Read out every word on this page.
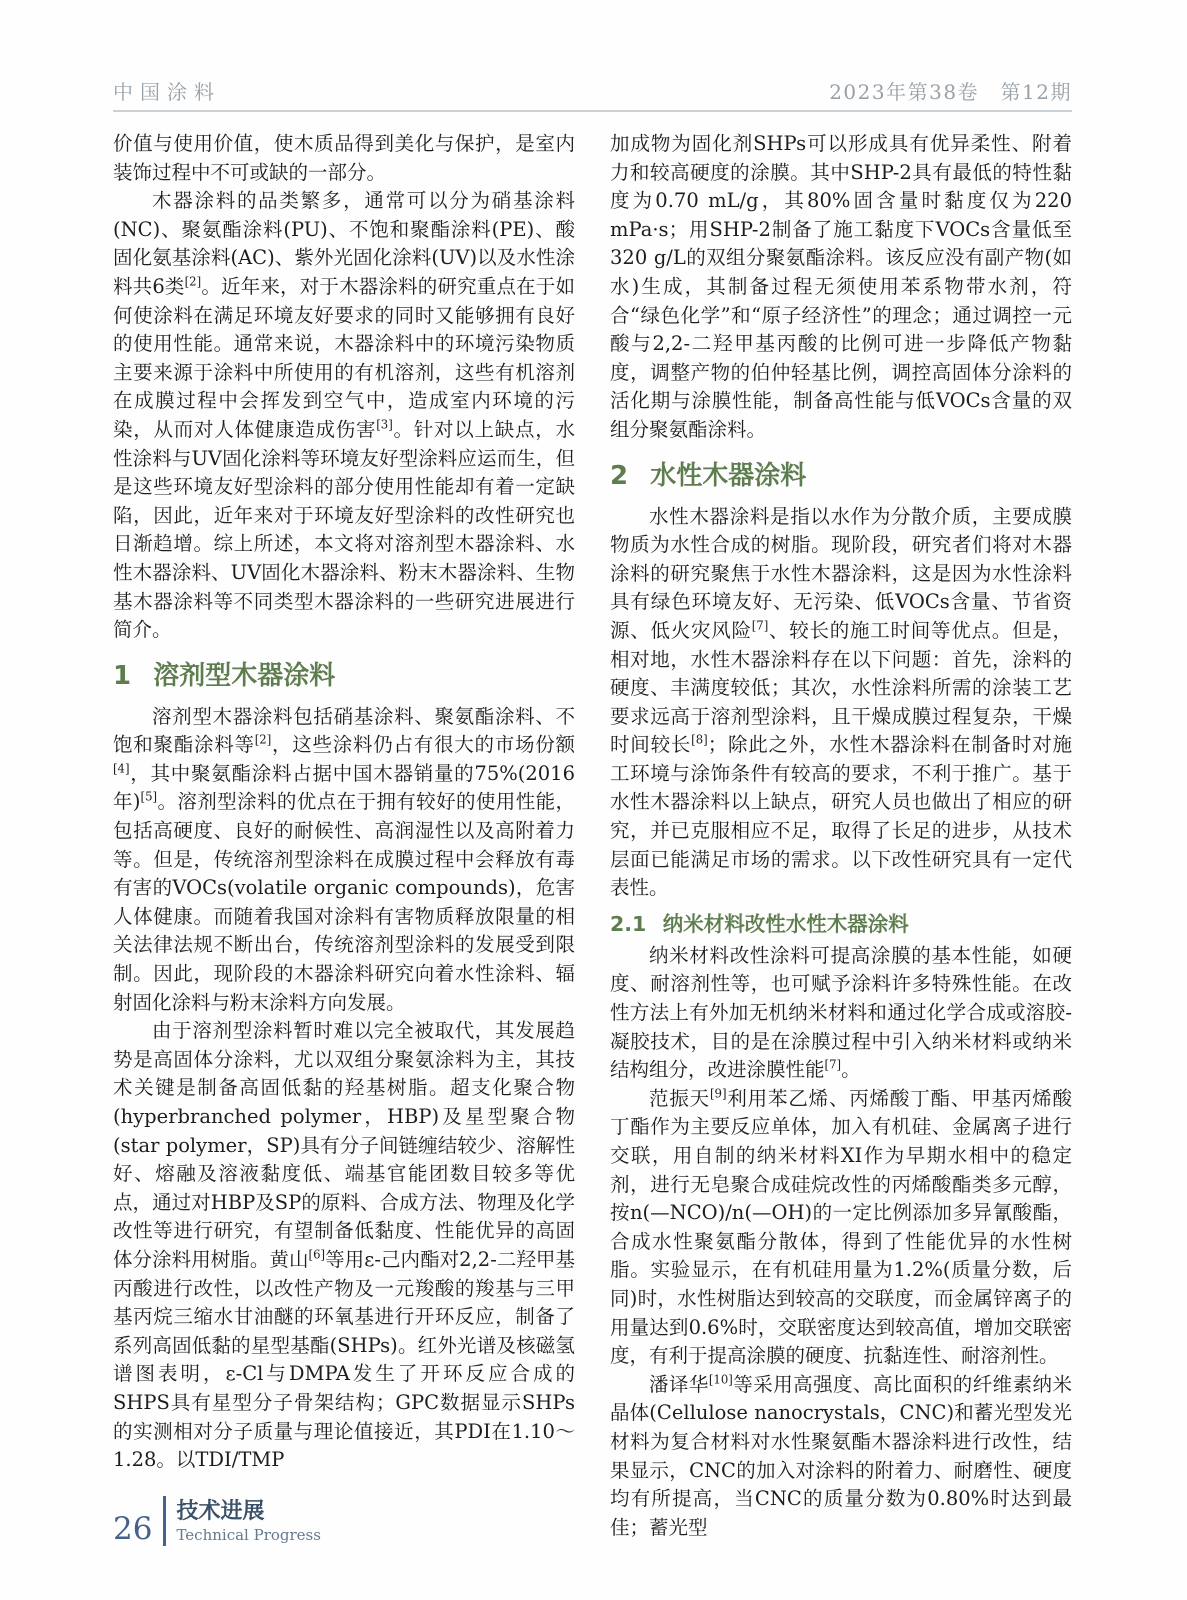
中国涂料	2023年第38卷　第12期

价值与使用价值，使木质品得到美化与保护，是室内装饰过程中不可或缺的一部分。

木器涂料的品类繁多，通常可以分为硝基涂料(NC)、聚氨酯涂料(PU)、不饱和聚酯涂料(PE)、酸固化氨基涂料(AC)、紫外光固化涂料(UV)以及水性涂料共6类[2]。近年来，对于木器涂料的研究重点在于如何使涂料在满足环境友好要求的同时又能够拥有良好的使用性能。通常来说，木器涂料中的环境污染物质主要来源于涂料中所使用的有机溶剂，这些有机溶剂在成膜过程中会挥发到空气中，造成室内环境的污染，从而对人体健康造成伤害[3]。针对以上缺点，水性涂料与UV固化涂料等环境友好型涂料应运而生，但是这些环境友好型涂料的部分使用性能却有着一定缺陷，因此，近年来对于环境友好型涂料的改性研究也日渐趋增。综上所述，本文将对溶剂型木器涂料、水性木器涂料、UV固化木器涂料、粉末木器涂料、生物基木器涂料等不同类型木器涂料的一些研究进展进行简介。

1 溶剂型木器涂料

溶剂型木器涂料包括硝基涂料、聚氨酯涂料、不饱和聚酯涂料等[2]，这些涂料仍占有很大的市场份额[4]，其中聚氨酯涂料占据中国木器销量的75%(2016年)[5]。溶剂型涂料的优点在于拥有较好的使用性能，包括高硬度、良好的耐候性、高润湿性以及高附着力等。但是，传统溶剂型涂料在成膜过程中会释放有毒有害的VOCs(volatile organic compounds)，危害人体健康。而随着我国对涂料有害物质释放限量的相关法律法规不断出台，传统溶剂型涂料的发展受到限制。因此，现阶段的木器涂料研究向着水性涂料、辐射固化涂料与粉末涂料方向发展。

由于溶剂型涂料暂时难以完全被取代，其发展趋势是高固体分涂料，尤以双组分聚氨涂料为主，其技术关键是制备高固低黏的羟基树脂。超支化聚合物(hyperbranched polymer，HBP)及星型聚合物(star polymer，SP)具有分子间链缠结较少、溶解性好、熔融及溶液黏度低、端基官能团数目较多等优点，通过对HBP及SP的原料、合成方法、物理及化学改性等进行研究，有望制备低黏度、性能优异的高固体分涂料用树脂。黄山[6]等用ε-己内酯对2,2-二羟甲基丙酸进行改性，以改性产物及一元羧酸的羧基与三甲基丙烷三缩水甘油醚的环氧基进行开环反应，制备了系列高固低黏的星型基酯(SHPs)。红外光谱及核磁氢谱图表明，ε-Cl与DMPA发生了开环反应合成的SHPS具有星型分子骨架结构；GPC数据显示SHPs的实测相对分子质量与理论值接近，其PDI在1.10～1.28。以TDI/TMP

加成物为固化剂SHPs可以形成具有优异柔性、附着力和较高硬度的涂膜。其中SHP-2具有最低的特性黏度为0.70 mL/g，其80%固含量时黏度仅为220 mPa·s；用SHP-2制备了施工黏度下VOCs含量低至320 g/L的双组分聚氨酯涂料。该反应没有副产物(如水)生成，其制备过程无须使用苯系物带水剂，符合“绿色化学”和“原子经济性”的理念；通过调控一元酸与2,2-二羟甲基丙酸的比例可进一步降低产物黏度，调整产物的伯仲轻基比例，调控高固体分涂料的活化期与涂膜性能，制备高性能与低VOCs含量的双组分聚氨酯涂料。

2 水性木器涂料

水性木器涂料是指以水作为分散介质，主要成膜物质为水性合成的树脂。现阶段，研究者们将对木器涂料的研究聚焦于水性木器涂料，这是因为水性涂料具有绿色环境友好、无污染、低VOCs含量、节省资源、低火灾风险[7]、较长的施工时间等优点。但是，相对地，水性木器涂料存在以下问题：首先，涂料的硬度、丰满度较低；其次，水性涂料所需的涂装工艺要求远高于溶剂型涂料，且干燥成膜过程复杂，干燥时间较长[8]；除此之外，水性木器涂料在制备时对施工环境与涂饰条件有较高的要求，不利于推广。基于水性木器涂料以上缺点，研究人员也做出了相应的研究，并已克服相应不足，取得了长足的进步，从技术层面已能满足市场的需求。以下改性研究具有一定代表性。

2.1 纳米材料改性水性木器涂料

纳米材料改性涂料可提高涂膜的基本性能，如硬度、耐溶剂性等，也可赋予涂料许多特殊性能。在改性方法上有外加无机纳米材料和通过化学合成或溶胶-凝胶技术，目的是在涂膜过程中引入纳米材料或纳米结构组分，改进涂膜性能[7]。

范振天[9]利用苯乙烯、丙烯酸丁酯、甲基丙烯酸丁酯作为主要反应单体，加入有机硅、金属离子进行交联，用自制的纳米材料XI作为早期水相中的稳定剂，进行无皂聚合成硅烷改性的丙烯酸酯类多元醇，按n(—NCO)/n(—OH)的一定比例添加多异氰酸酯，合成水性聚氨酯分散体，得到了性能优异的水性树脂。实验显示，在有机硅用量为1.2%(质量分数，后同)时，水性树脂达到较高的交联度，而金属锌离子的用量达到0.6%时，交联密度达到较高值，增加交联密度，有利于提高涂膜的硬度、抗黏连性、耐溶剂性。

潘译华[10]等采用高强度、高比面积的纤维素纳米晶体(Cellulose nanocrystals，CNC)和蓄光型发光材料为复合材料对水性聚氨酯木器涂料进行改性，结果显示，CNC的加入对涂料的附着力、耐磨性、硬度均有所提高，当CNC的质量分数为0.80%时达到最佳；蓄光型

26 技术进展
Technical Progress
